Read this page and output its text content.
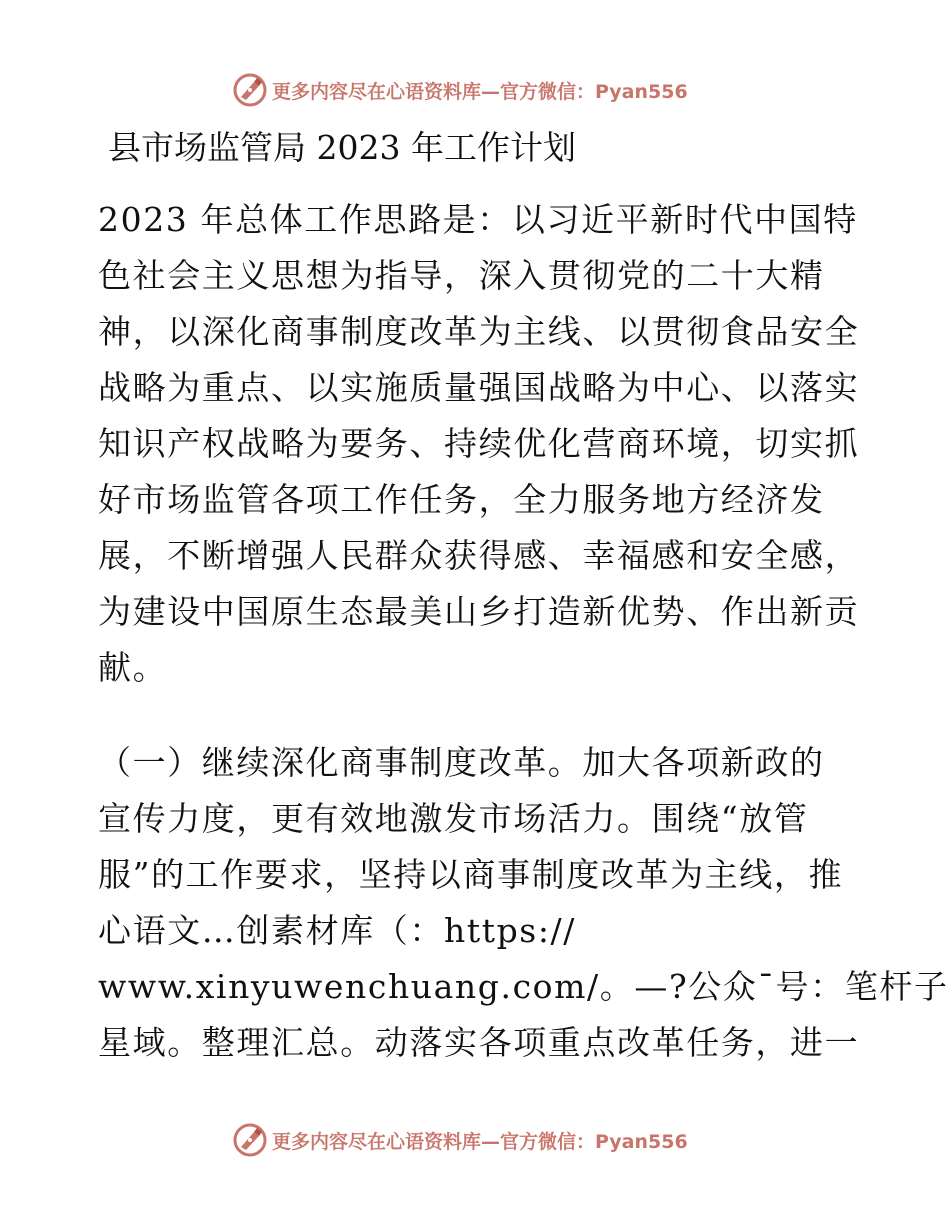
更多内容尽在心语资料库—官方微信：Pyan556
县市场监管局 2023 年工作计划
2023 年总体工作思路是：以习近平新时代中国特
色社会主义思想为指导，深入贯彻党的二十大精
神，以深化商事制度改革为主线、以贯彻食品安全
战略为重点、以实施质量强国战略为中心、以落实
知识产权战略为要务、持续优化营商环境，切实抓
好市场监管各项工作任务，全力服务地方经济发
展，不断增强人民群众获得感、幸福感和安全感，
为建设中国原生态最美山乡打造新优势、作出新贡
献。
（一）继续深化商事制度改革。加大各项新政的
宣传力度，更有效地激发市场活力。围绕“放管
服”的工作要求，坚持以商事制度改革为主线，推
心语文…创素材库（：https://
www.xinyuwenchuang.com/。—?公众¯号：笔杆子
星域。整理汇总。动落实各项重点改革任务，进一
更多内容尽在心语资料库—官方微信：Pyan556
